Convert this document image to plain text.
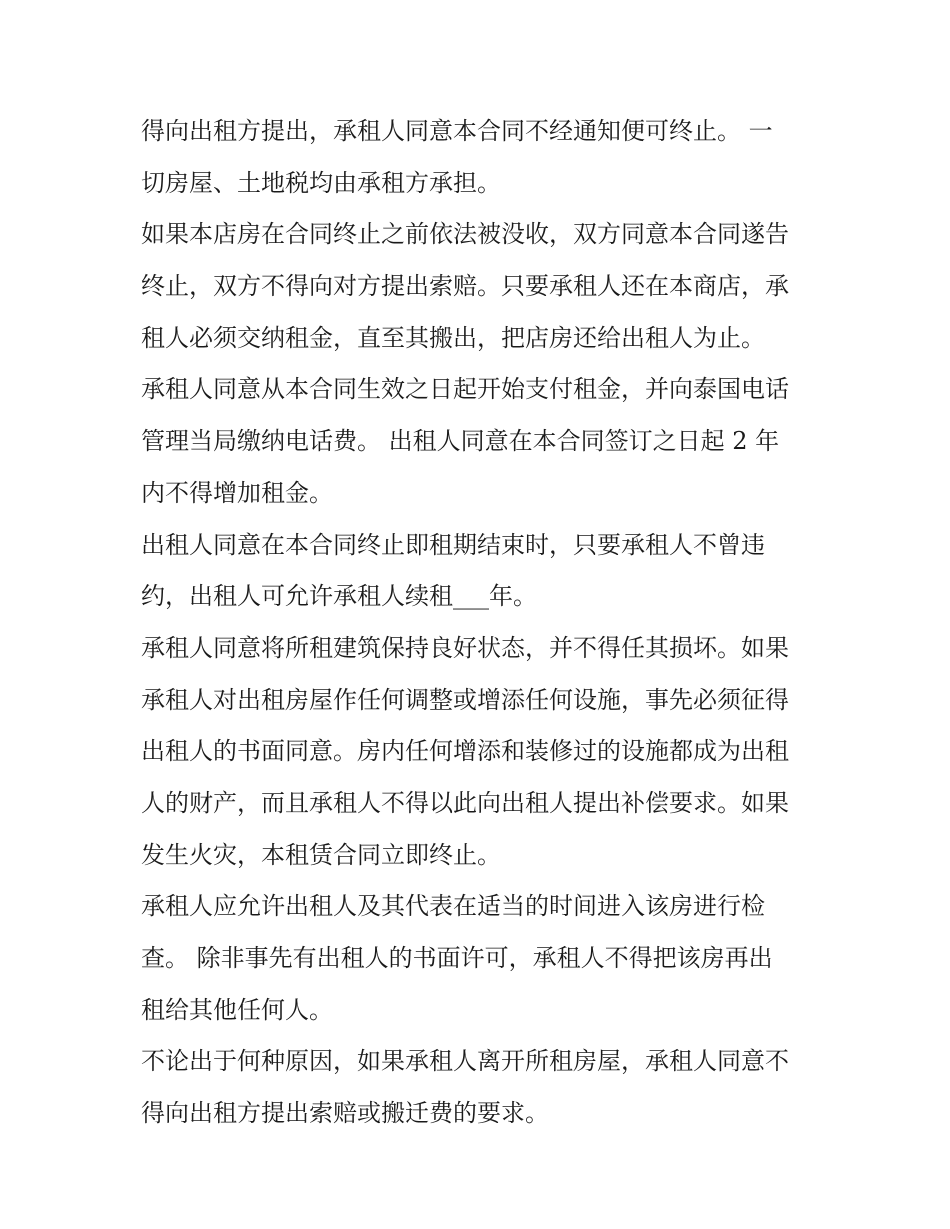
得向出租方提出，承租人同意本合同不经通知便可终止。 一
切房屋、土地税均由承租方承担。
如果本店房在合同终止之前依法被没收，双方同意本合同遂告
终止，双方不得向对方提出索赔。只要承租人还在本商店，承
租人必须交纳租金，直至其搬出，把店房还给出租人为止。
承租人同意从本合同生效之日起开始支付租金，并向泰国电话
管理当局缴纳电话费。 出租人同意在本合同签订之日起 2 年
内不得增加租金。
出租人同意在本合同终止即租期结束时，只要承租人不曾违
约，出租人可允许承租人续租___年。
承租人同意将所租建筑保持良好状态，并不得任其损坏。如果
承租人对出租房屋作任何调整或增添任何设施，事先必须征得
出租人的书面同意。房内任何增添和装修过的设施都成为出租
人的财产，而且承租人不得以此向出租人提出补偿要求。如果
发生火灾，本租赁合同立即终止。
承租人应允许出租人及其代表在适当的时间进入该房进行检
查。 除非事先有出租人的书面许可，承租人不得把该房再出
租给其他任何人。
不论出于何种原因，如果承租人离开所租房屋，承租人同意不
得向出租方提出索赔或搬迁费的要求。
